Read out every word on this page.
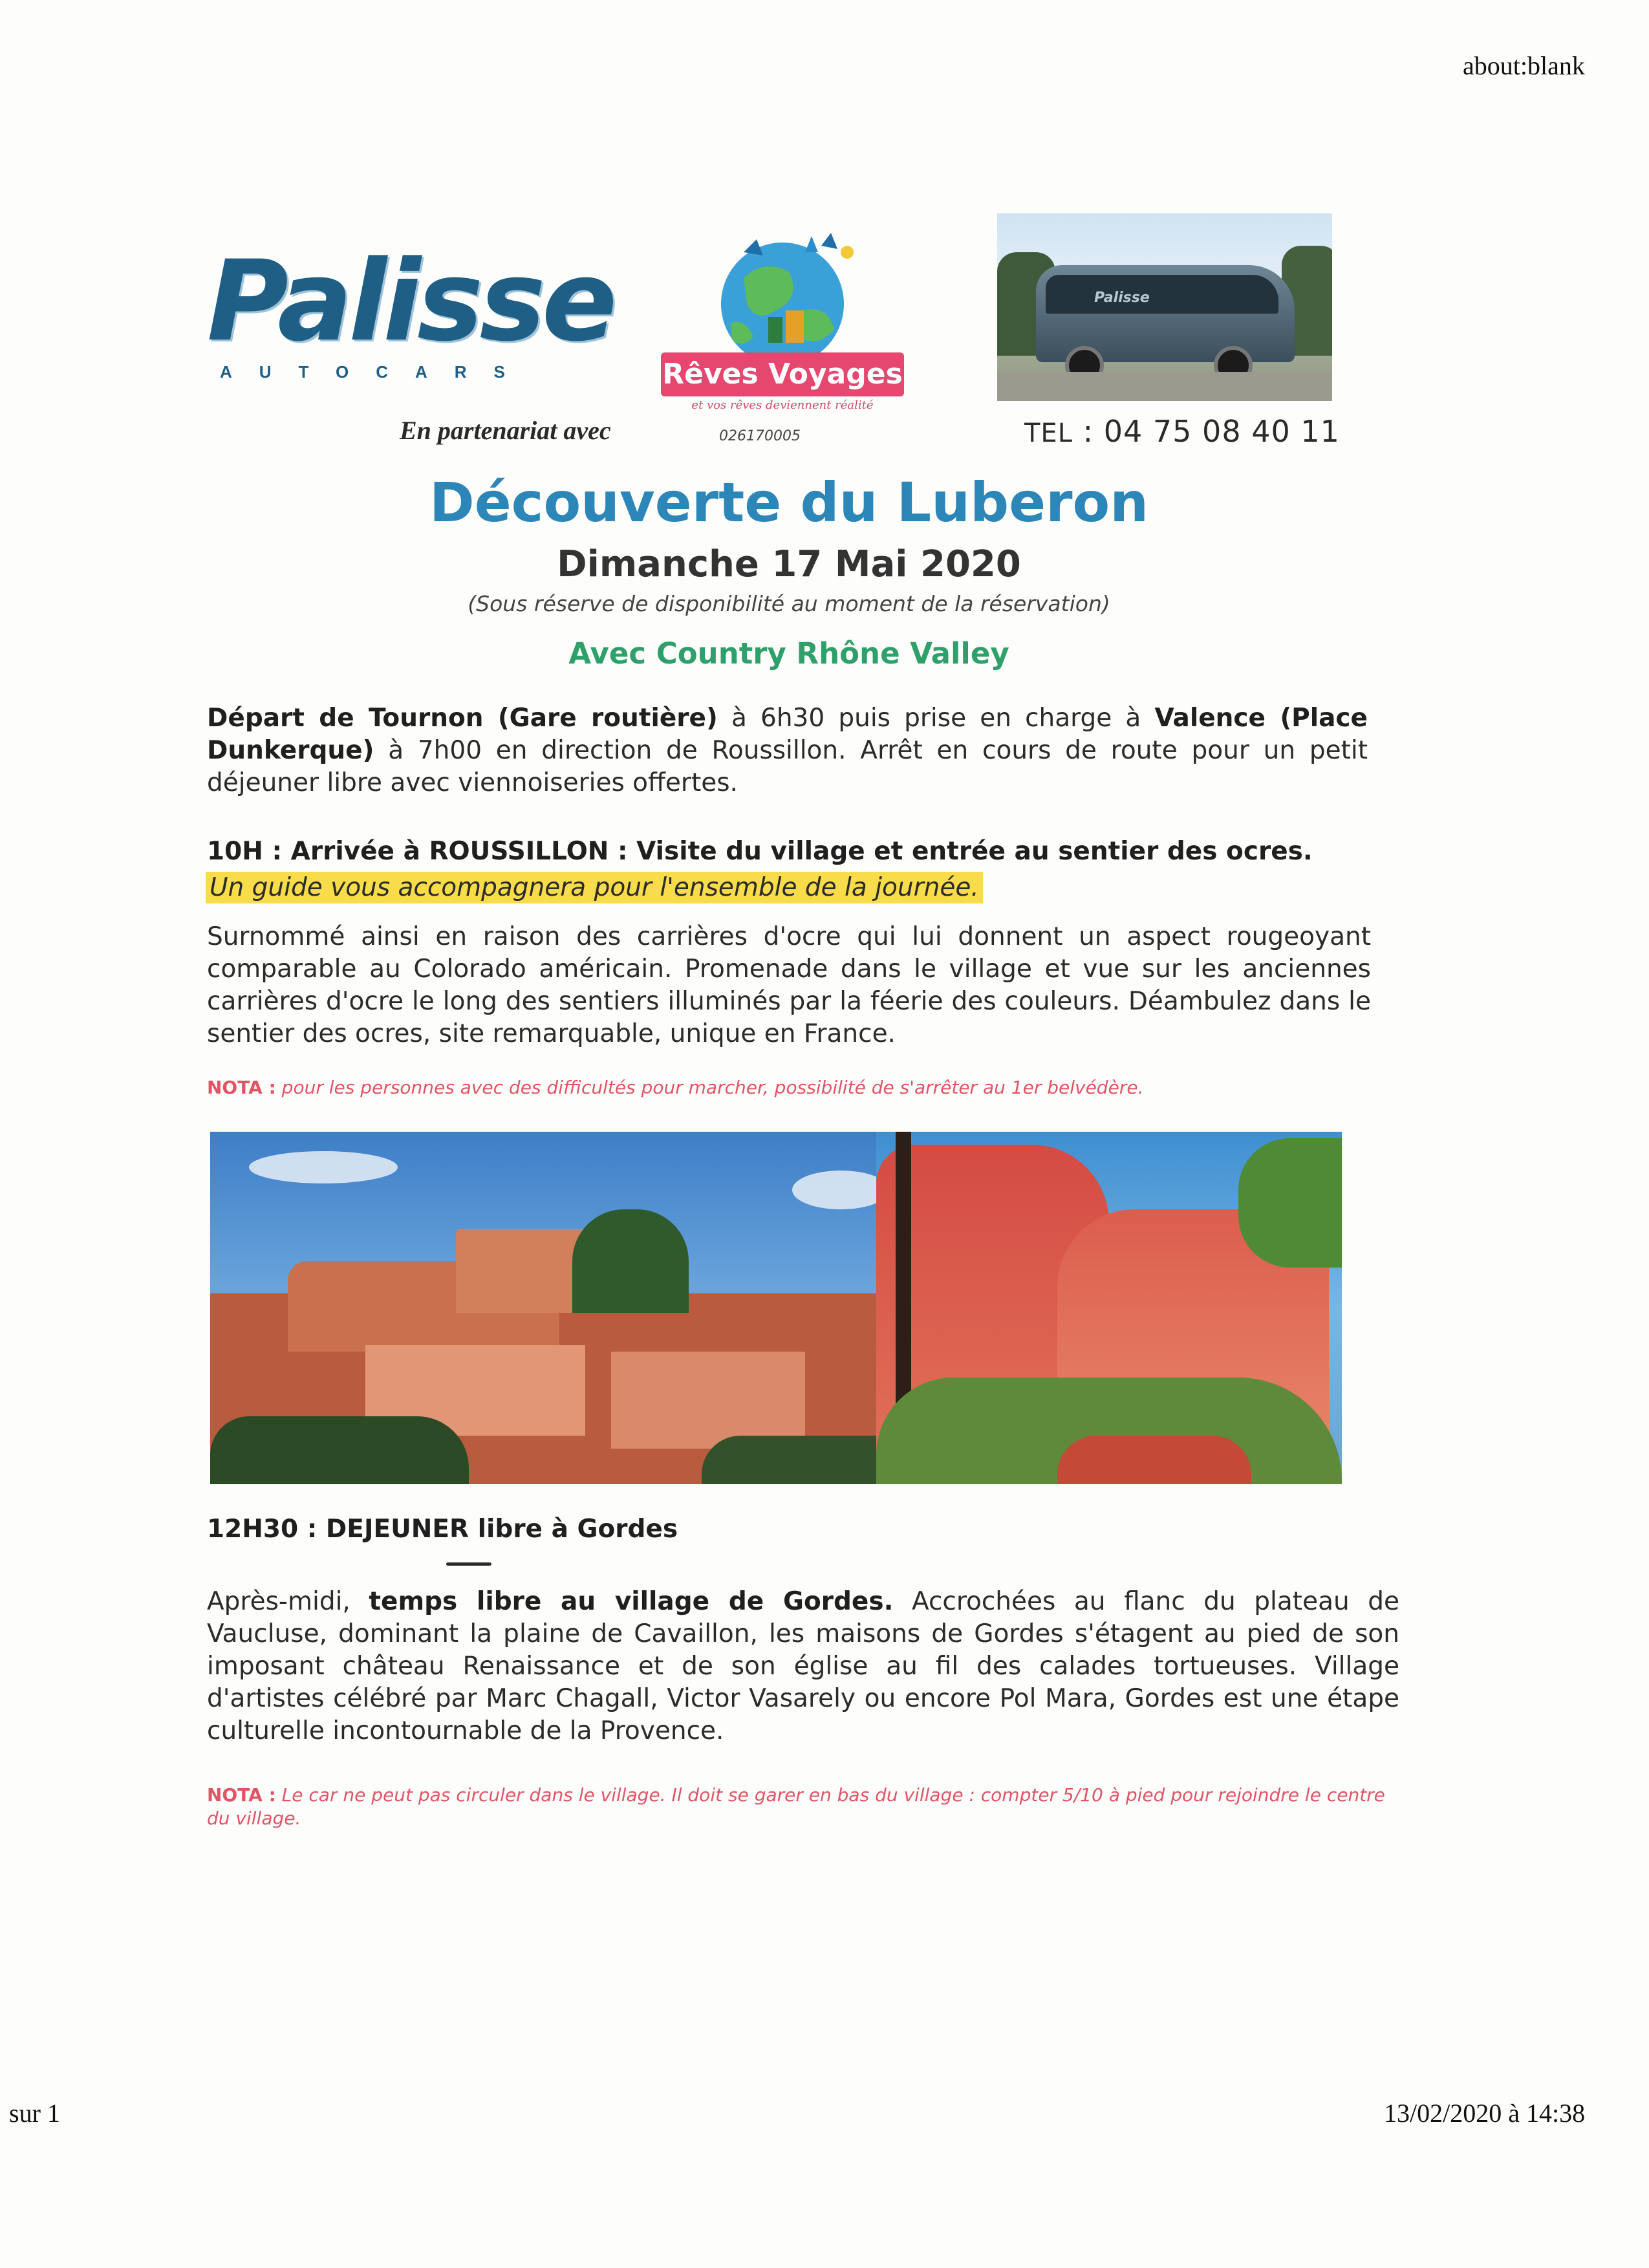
about:blank
Palisse
AUTOCARS
En partenariat avec
Rêves Voyages
et vos rêves deviennent réalité
026170005
Palisse
TEL : 04 75 08 40 11
Découverte du Luberon
Dimanche 17 Mai 2020
(Sous réserve de disponibilité au moment de la réservation)
Avec Country Rhône Valley
Départ de Tournon (Gare routière) à 6h30 puis prise en charge à Valence (Place Dunkerque) à 7h00 en direction de Roussillon. Arrêt en cours de route pour un petit déjeuner libre avec viennoiseries offertes.
10H : Arrivée à ROUSSILLON : Visite du village et entrée au sentier des ocres.
Un guide vous accompagnera pour l'ensemble de la journée.
Surnommé ainsi en raison des carrières d'ocre qui lui donnent un aspect rougeoyant comparable au Colorado américain. Promenade dans le village et vue sur les anciennes carrières d'ocre le long des sentiers illuminés par la féerie des couleurs. Déambulez dans le sentier des ocres, site remarquable, unique en France.
NOTA : pour les personnes avec des difficultés pour marcher, possibilité de s'arrêter au 1er belvédère.
12H30 : DEJEUNER libre à Gordes
Après-midi, temps libre au village de Gordes. Accrochées au flanc du plateau de Vaucluse, dominant la plaine de Cavaillon, les maisons de Gordes s'étagent au pied de son imposant château Renaissance et de son église au fil des calades tortueuses. Village d'artistes célébré par Marc Chagall, Victor Vasarely ou encore Pol Mara, Gordes est une étape culturelle incontournable de la Provence.
NOTA : Le car ne peut pas circuler dans le village. Il doit se garer en bas du village : compter 5/10 à pied pour rejoindre le centre du village.
sur 1	13/02/2020 à 14:38
